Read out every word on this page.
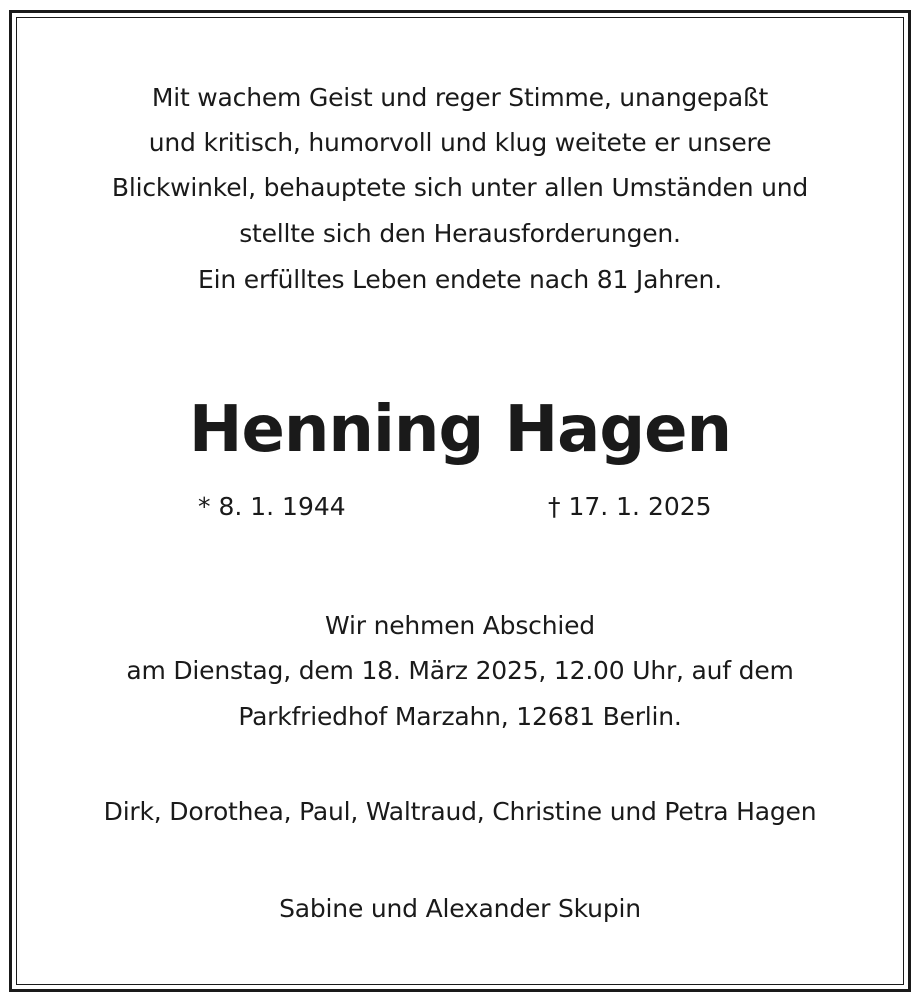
Mit wachem Geist und reger Stimme, unangepaßt
und kritisch, humorvoll und klug weitete er unsere
Blickwinkel, behauptete sich unter allen Umständen und
stellte sich den Herausforderungen.
Ein erfülltes Leben endete nach 81 Jahren.
Henning Hagen
* 8. 1. 1944	† 17. 1. 2025
Wir nehmen Abschied
am Dienstag, dem 18. März 2025, 12.00 Uhr, auf dem
Parkfriedhof Marzahn, 12681 Berlin.
Dirk, Dorothea, Paul, Waltraud, Christine und Petra Hagen
Sabine und Alexander Skupin
